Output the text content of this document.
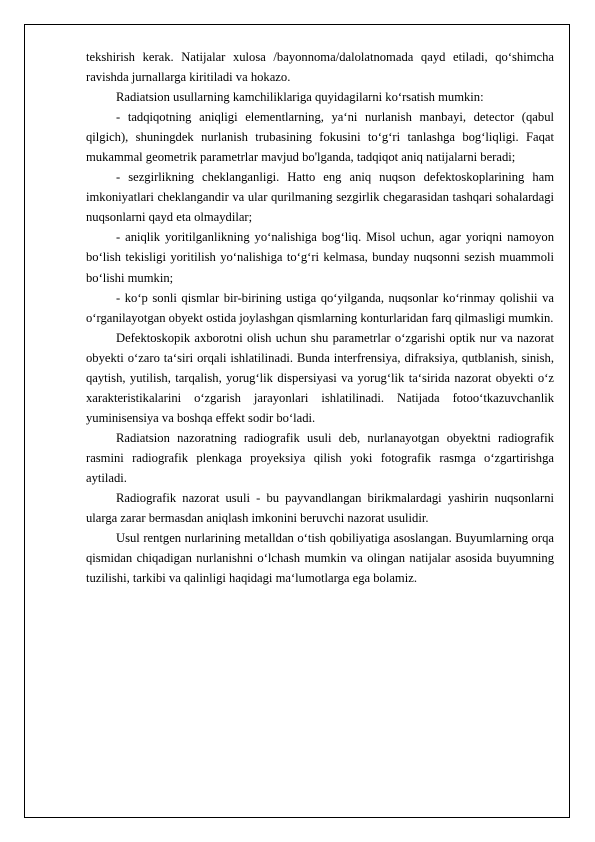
tekshirish kerak. Natijalar xulosa /bayonnoma/dalolatnomada qayd etiladi, qo‘shimcha ravishda jurnallarga kiritiladi va hokazo.

Radiatsion usullarning kamchiliklariga quyidagilarni ko‘rsatish mumkin:

- tadqiqotning aniqligi elementlarning, ya‘ni nurlanish manbayi, detector (qabul qilgich), shuningdek nurlanish trubasining fokusini to‘g‘ri tanlashga bog‘liqligi. Faqat mukammal geometrik parametrlar mavjud bo'lganda, tadqiqot aniq natijalarni beradi;

- sezgirlikning cheklanganligi. Hatto eng aniq nuqson defektoskoplarining ham imkoniyatlari cheklangandir va ular qurilmaning sezgirlik chegarasidan tashqari sohalardagi nuqsonlarni qayd eta olmaydilar;

- aniqlik yoritilganlikning yo‘nalishiga bog‘liq. Misol uchun, agar yoriqni namoyon bo‘lish tekisligi yoritilish yo‘nalishiga to‘g‘ri kelmasa, bunday nuqsonni sezish muammoli bo‘lishi mumkin;

- ko‘p sonli qismlar bir-birining ustiga qo‘yilganda, nuqsonlar ko‘rinmay qolishii va o‘rganilayotgan obyekt ostida joylashgan qismlarning konturlaridan farq qilmasligi mumkin.

Defektoskopik axborotni olish uchun shu parametrlar o‘zgarishi optik nur va nazorat obyekti o‘zaro ta‘siri orqali ishlatilinadi. Bunda interfrensiya, difraksiya, qutblanish, sinish, qaytish, yutilish, tarqalish, yorug‘lik dispersiyasi va yorug‘lik ta‘sirida nazorat obyekti o‘z xarakteristikalarini o‘zgarish jarayonlari ishlatilinadi. Natijada fotoo‘tkazuvchanlik yuminisensiya va boshqa effekt sodir bo‘ladi.

Radiatsion nazoratning radiografik usuli deb, nurlanayotgan obyektni radiografik rasmini radiografik plenkaga proyeksiya qilish yoki fotografik rasmga o‘zgartirishga aytiladi.

Radiografik nazorat usuli - bu payvandlangan birikmalardagi yashirin nuqsonlarni ularga zarar bermasdan aniqlash imkonini beruvchi nazorat usulidir.

Usul rentgen nurlarining metalldan o‘tish qobiliyatiga asoslangan. Buyumlarning orqa qismidan chiqadigan nurlanishni o‘lchash mumkin va olingan natijalar asosida buyumning tuzilishi, tarkibi va qalinligi haqidagi ma‘lumotlarga ega bolamiz.
